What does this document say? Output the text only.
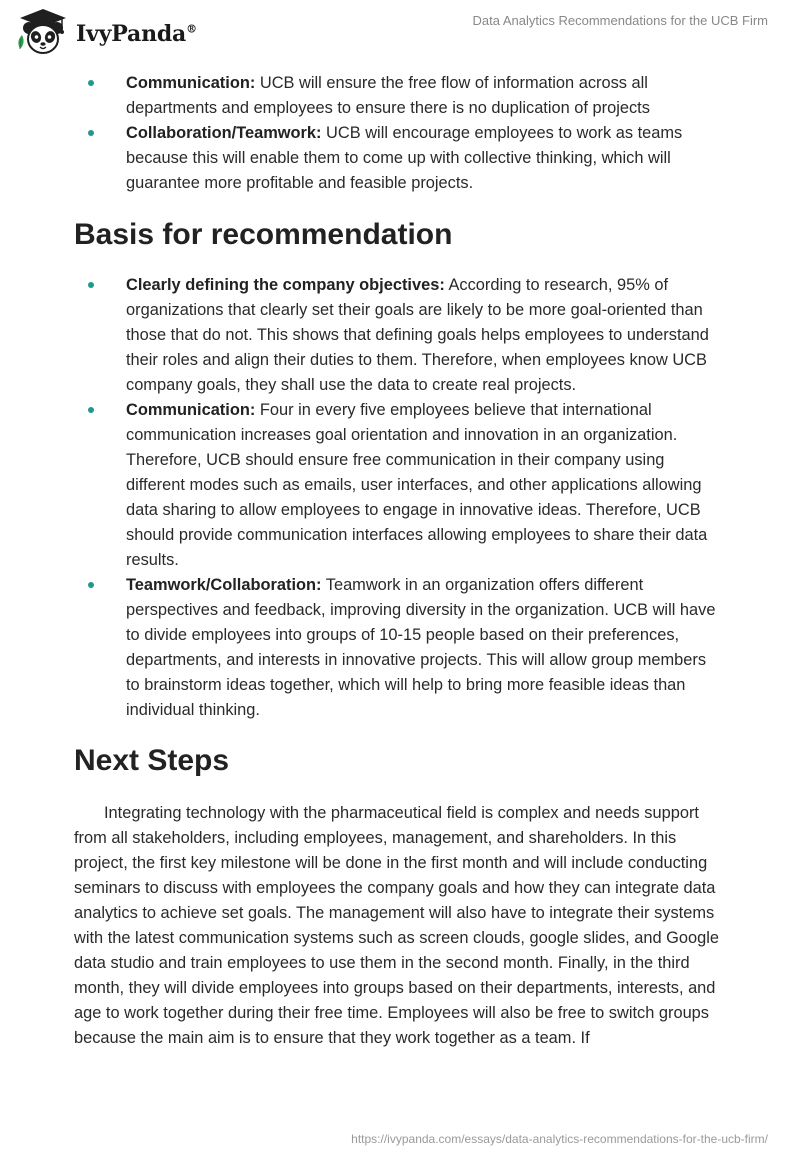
IvyPanda®
Data Analytics Recommendations for the UCB Firm
Communication: UCB will ensure the free flow of information across all departments and employees to ensure there is no duplication of projects
Collaboration/Teamwork: UCB will encourage employees to work as teams because this will enable them to come up with collective thinking, which will guarantee more profitable and feasible projects.
Basis for recommendation
Clearly defining the company objectives: According to research, 95% of organizations that clearly set their goals are likely to be more goal-oriented than those that do not. This shows that defining goals helps employees to understand their roles and align their duties to them. Therefore, when employees know UCB company goals, they shall use the data to create real projects.
Communication: Four in every five employees believe that international communication increases goal orientation and innovation in an organization. Therefore, UCB should ensure free communication in their company using different modes such as emails, user interfaces, and other applications allowing data sharing to allow employees to engage in innovative ideas. Therefore, UCB should provide communication interfaces allowing employees to share their data results.
Teamwork/Collaboration: Teamwork in an organization offers different perspectives and feedback, improving diversity in the organization. UCB will have to divide employees into groups of 10-15 people based on their preferences, departments, and interests in innovative projects. This will allow group members to brainstorm ideas together, which will help to bring more feasible ideas than individual thinking.
Next Steps

Integrating technology with the pharmaceutical field is complex and needs support from all stakeholders, including employees, management, and shareholders. In this project, the first key milestone will be done in the first month and will include conducting seminars to discuss with employees the company goals and how they can integrate data analytics to achieve set goals. The management will also have to integrate their systems with the latest communication systems such as screen clouds, google slides, and Google data studio and train employees to use them in the second month. Finally, in the third month, they will divide employees into groups based on their departments, interests, and age to work together during their free time. Employees will also be free to switch groups because the main aim is to ensure that they work together as a team. If

https://ivypanda.com/essays/data-analytics-recommendations-for-the-ucb-firm/
